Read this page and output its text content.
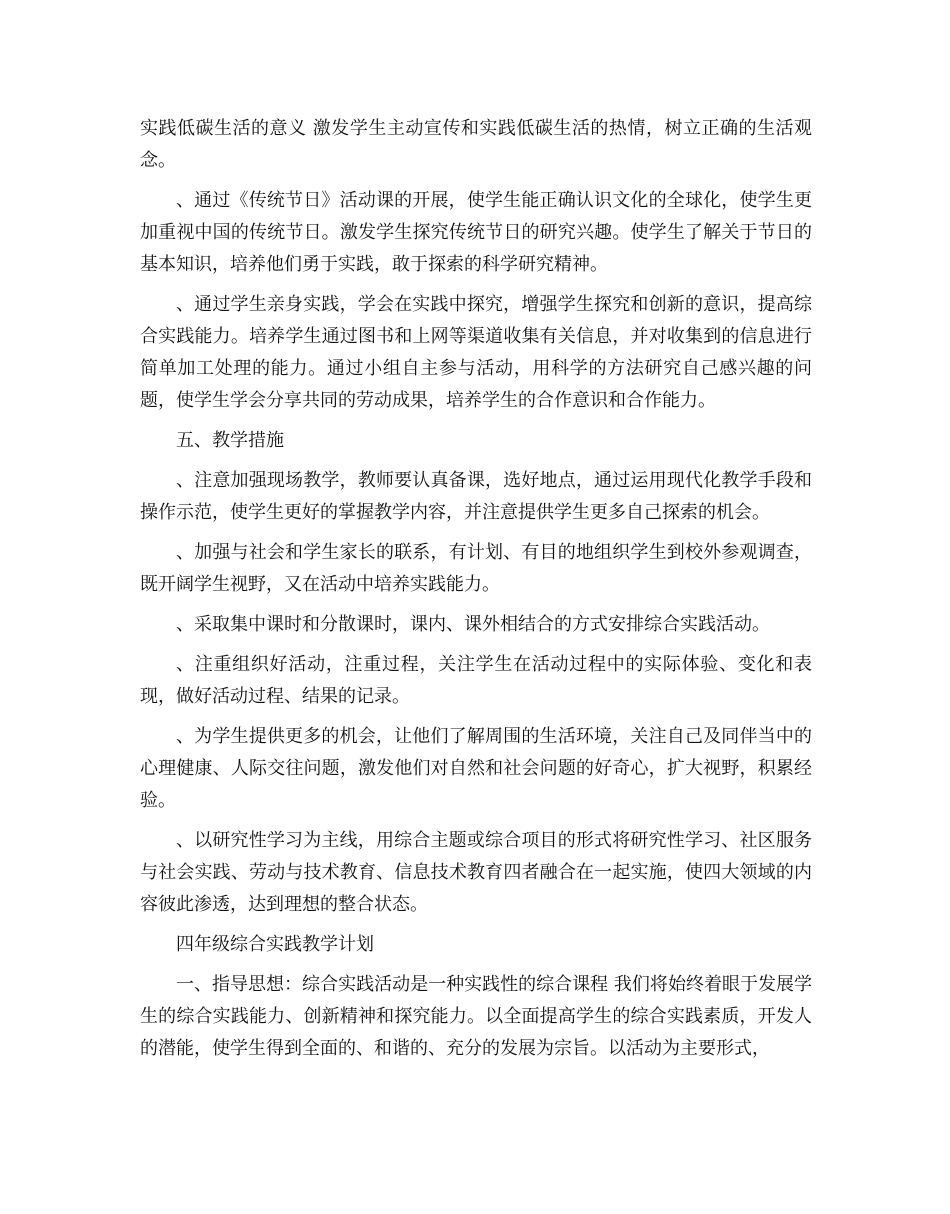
实践低碳生活的意义 激发学生主动宣传和实践低碳生活的热情，树立正确的生活观念。

、通过《传统节日》活动课的开展，使学生能正确认识文化的全球化，使学生更加重视中国的传统节日。激发学生探究传统节日的研究兴趣。使学生了解关于节日的基本知识，培养他们勇于实践，敢于探索的科学研究精神。

、通过学生亲身实践，学会在实践中探究，增强学生探究和创新的意识，提高综合实践能力。培养学生通过图书和上网等渠道收集有关信息，并对收集到的信息进行简单加工处理的能力。通过小组自主参与活动，用科学的方法研究自己感兴趣的问题，使学生学会分享共同的劳动成果，培养学生的合作意识和合作能力。

五、教学措施

、注意加强现场教学，教师要认真备课，选好地点，通过运用现代化教学手段和操作示范，使学生更好的掌握教学内容，并注意提供学生更多自己探索的机会。

、加强与社会和学生家长的联系，有计划、有目的地组织学生到校外参观调查，既开阔学生视野，又在活动中培养实践能力。

、采取集中课时和分散课时，课内、课外相结合的方式安排综合实践活动。

、注重组织好活动，注重过程，关注学生在活动过程中的实际体验、变化和表现，做好活动过程、结果的记录。

、为学生提供更多的机会，让他们了解周围的生活环境，关注自己及同伴当中的心理健康、人际交往问题，激发他们对自然和社会问题的好奇心，扩大视野，积累经验。

、以研究性学习为主线，用综合主题或综合项目的形式将研究性学习、社区服务与社会实践、劳动与技术教育、信息技术教育四者融合在一起实施，使四大领域的内容彼此渗透，达到理想的整合状态。

四年级综合实践教学计划

一、指导思想：综合实践活动是一种实践性的综合课程 我们将始终着眼于发展学生的综合实践能力、创新精神和探究能力。以全面提高学生的综合实践素质，开发人的潜能，使学生得到全面的、和谐的、充分的发展为宗旨。以活动为主要形式，
